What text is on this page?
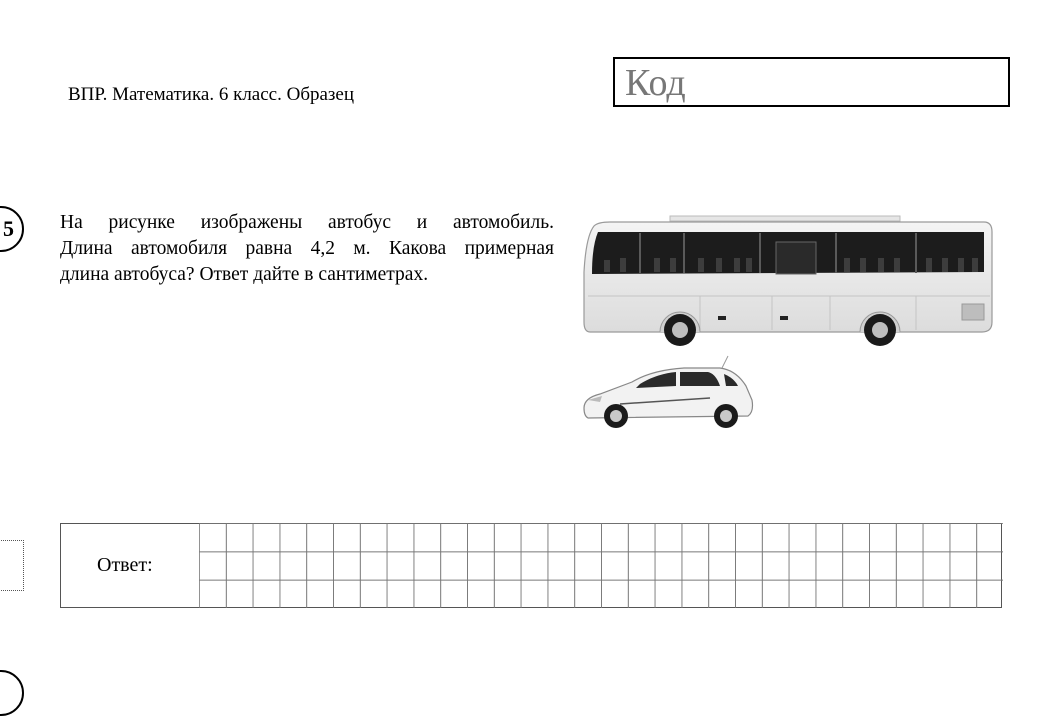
ВПР. Математика. 6 класс. Образец	Код
5	На рисунке изображены автобус и автомобиль.
Длина автомобиля равна 4,2 м. Какова примерная
длина автобуса? Ответ дайте в сантиметрах.
Ответ:
